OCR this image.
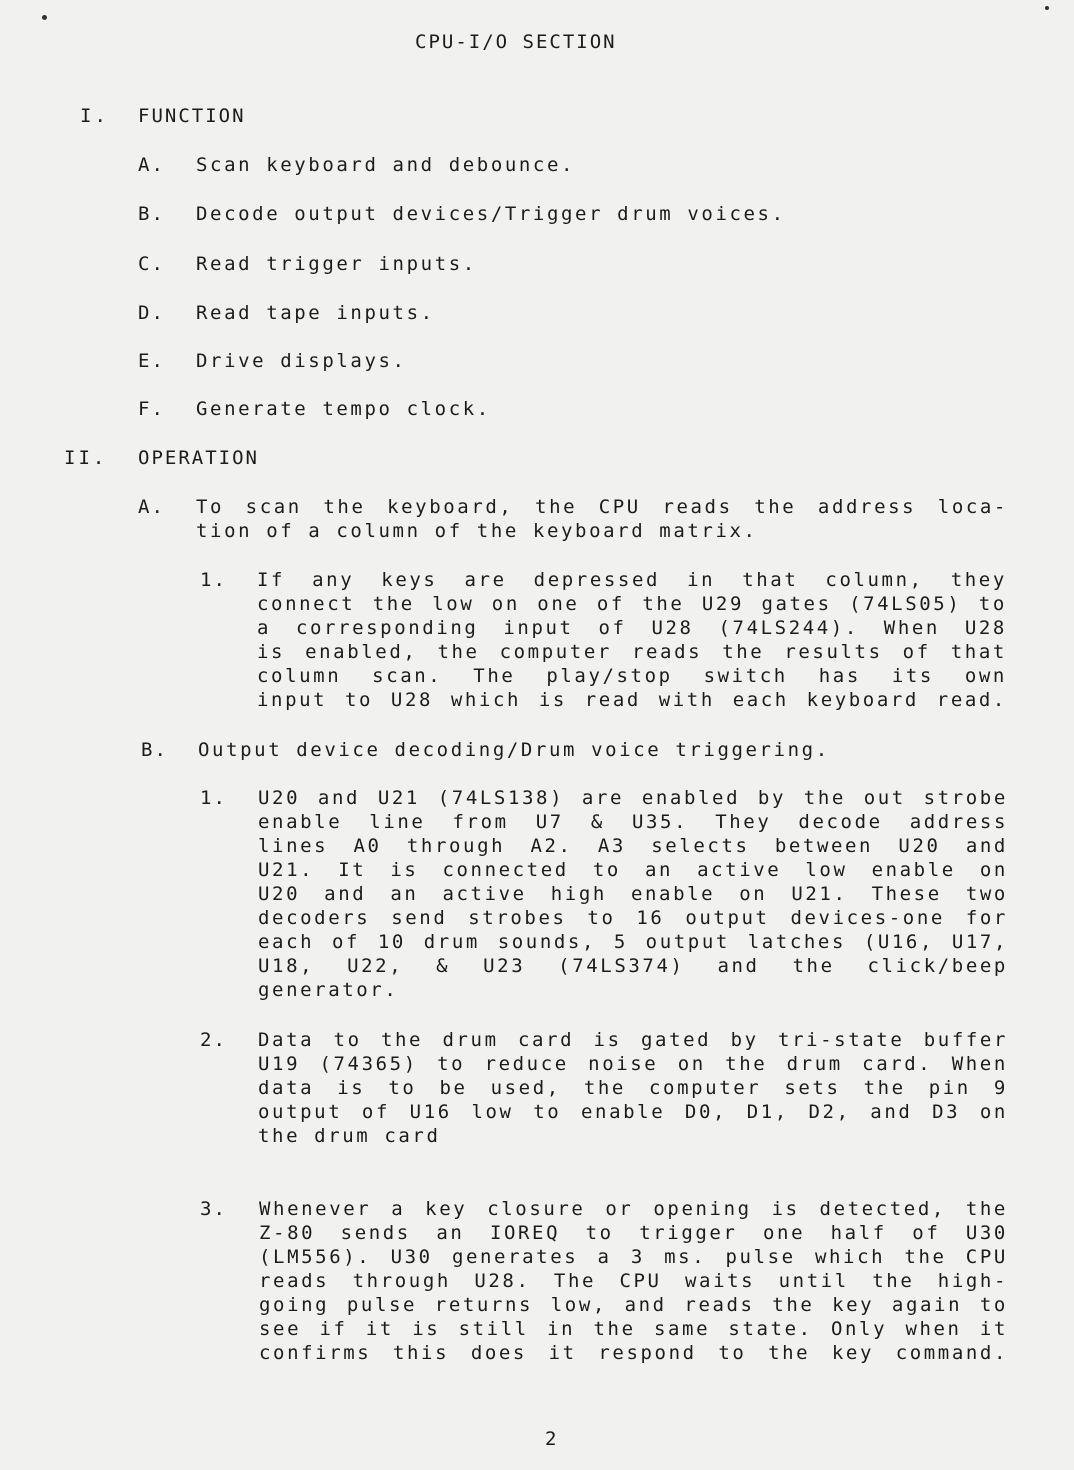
CPU-I/O SECTION
I. FUNCTION
A. Scan keyboard and debounce.
B. Decode output devices/Trigger drum voices.
C. Read trigger inputs.
D. Read tape inputs.
E. Drive displays.
F. Generate tempo clock.
II. OPERATION
A. To scan the keyboard, the CPU reads the address loca-
tion of a column of the keyboard matrix.
1. If any keys are depressed in that column, they
connect the low on one of the U29 gates (74LS05) to
a corresponding input of U28 (74LS244). When U28
is enabled, the computer reads the results of that
column scan. The play/stop switch has its own
input to U28 which is read with each keyboard read.
B. Output device decoding/Drum voice triggering.
1. U20 and U21 (74LS138) are enabled by the out strobe
enable line from U7 & U35. They decode address
lines A0 through A2. A3 selects between U20 and
U21. It is connected to an active low enable on
U20 and an active high enable on U21. These two
decoders send strobes to 16 output devices-one for
each of 10 drum sounds, 5 output latches (U16, U17,
U18, U22, & U23 (74LS374) and the click/beep
generator.
2. Data to the drum card is gated by tri-state buffer
U19 (74365) to reduce noise on the drum card. When
data is to be used, the computer sets the pin 9
output of U16 low to enable D0, D1, D2, and D3 on
the drum card
3. Whenever a key closure or opening is detected, the
Z-80 sends an IOREQ to trigger one half of U30
(LM556). U30 generates a 3 ms. pulse which the CPU
reads through U28. The CPU waits until the high-
going pulse returns low, and reads the key again to
see if it is still in the same state. Only when it
confirms this does it respond to the key command.
2
